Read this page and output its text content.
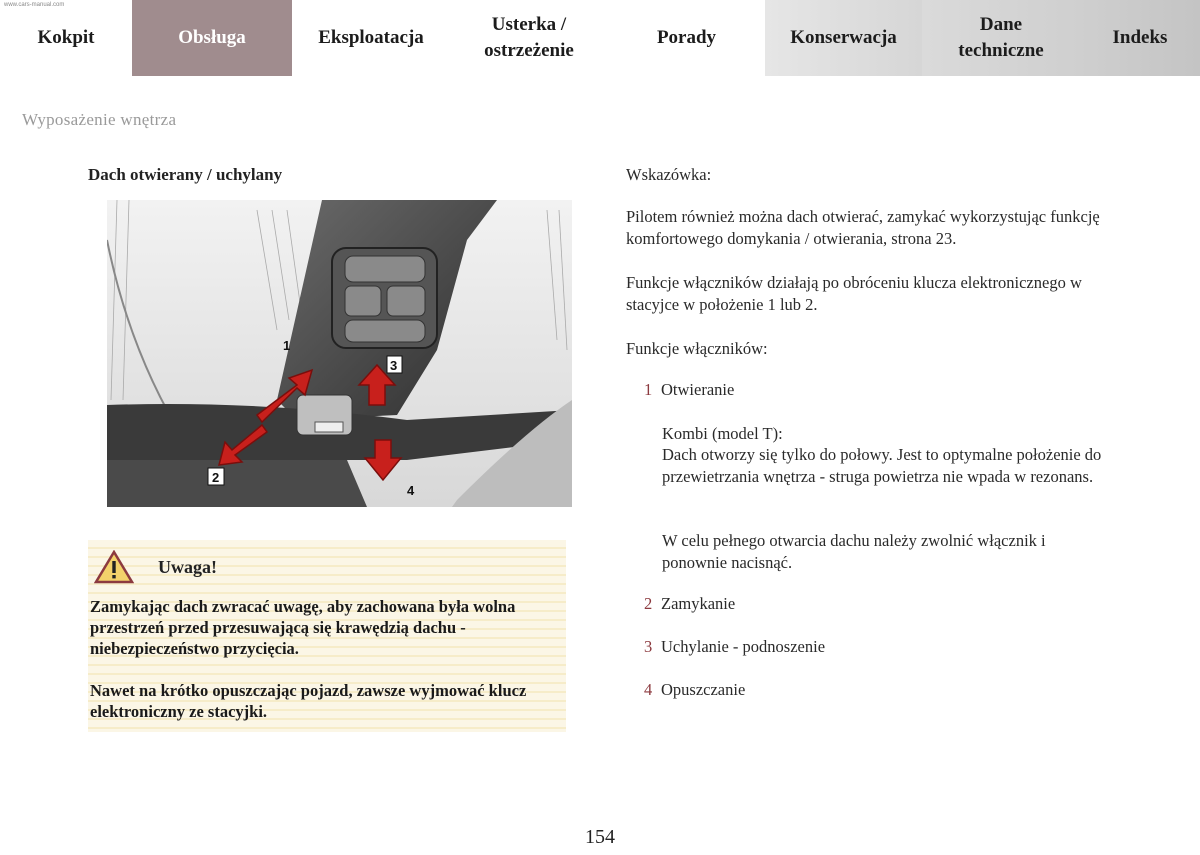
www.cars-manual.com
Kokpit	Obsługa	Eksploatacja
Usterka /
ostrzeżenie
Porady	Konserwacja
Dane
techniczne
Indeks
Wyposażenie wnętrza
Dach otwierany / uchylany
1
2
3
4
Uwaga!

Zamykając dach zwracać uwagę, aby zachowana była wolna przestrzeń przed przesuwającą się krawędzią dachu - niebezpieczeństwo przycięcia.

Nawet na krótko opuszczając pojazd, zawsze wyjmować klucz elektroniczny ze stacyjki.

Wskazówka:
Pilotem również można dach otwierać, zamykać wykorzystując funkcję komfortowego domykania / otwierania, strona 23.
Funkcje włączników działają po obróceniu klucza elektronicznego w stacyjce w położenie 1 lub 2.
Funkcje włączników:
1 Otwieranie
Kombi (model T):
Dach otworzy się tylko do połowy. Jest to optymalne położenie do przewietrzania wnętrza - struga powietrza nie wpada w rezonans.
W celu pełnego otwarcia dachu należy zwolnić włącznik i ponownie nacisnąć.
2 Zamykanie
3 Uchylanie - podnoszenie
4 Opuszczanie
154
